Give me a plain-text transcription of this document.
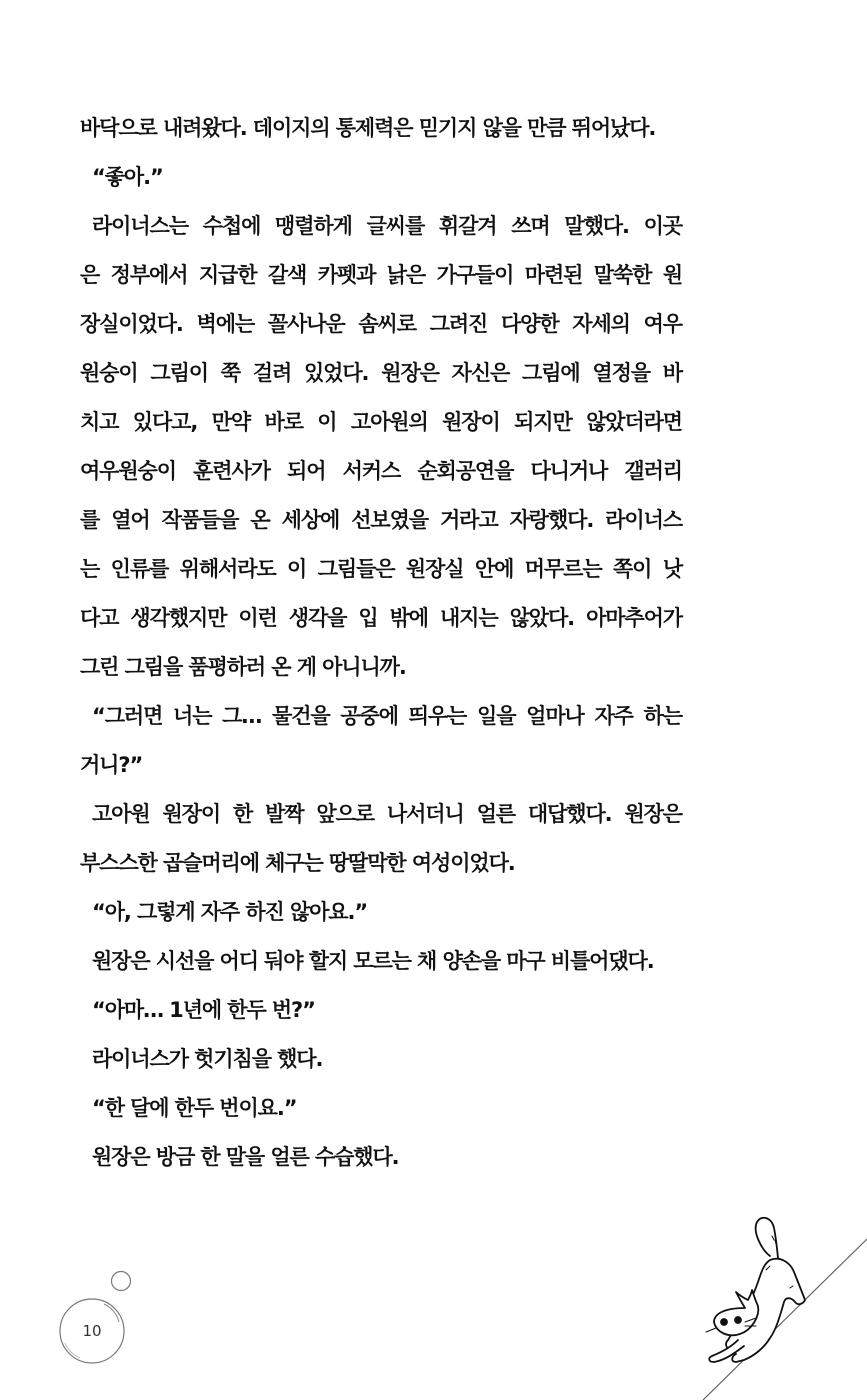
바닥으로 내려왔다. 데이지의 통제력은 믿기지 않을 만큼 뛰어났다.
“좋아.”
라이너스는 수첩에 맹렬하게 글씨를 휘갈겨 쓰며 말했다. 이곳
은 정부에서 지급한 갈색 카펫과 낡은 가구들이 마련된 말쑥한 원
장실이었다. 벽에는 꼴사나운 솜씨로 그려진 다양한 자세의 여우
원숭이 그림이 쭉 걸려 있었다. 원장은 자신은 그림에 열정을 바
치고 있다고, 만약 바로 이 고아원의 원장이 되지만 않았더라면
여우원숭이 훈련사가 되어 서커스 순회공연을 다니거나 갤러리
를 열어 작품들을 온 세상에 선보였을 거라고 자랑했다. 라이너스
는 인류를 위해서라도 이 그림들은 원장실 안에 머무르는 쪽이 낫
다고 생각했지만 이런 생각을 입 밖에 내지는 않았다. 아마추어가
그린 그림을 품평하러 온 게 아니니까.
“그러면 너는 그… 물건을 공중에 띄우는 일을 얼마나 자주 하는
거니?”
고아원 원장이 한 발짝 앞으로 나서더니 얼른 대답했다. 원장은
부스스한 곱슬머리에 체구는 땅딸막한 여성이었다.
“아, 그렇게 자주 하진 않아요.”
원장은 시선을 어디 둬야 할지 모르는 채 양손을 마구 비틀어댔다.
“아마… 1년에 한두 번?”
라이너스가 헛기침을 했다.
“한 달에 한두 번이요.”
원장은 방금 한 말을 얼른 수습했다.
10
